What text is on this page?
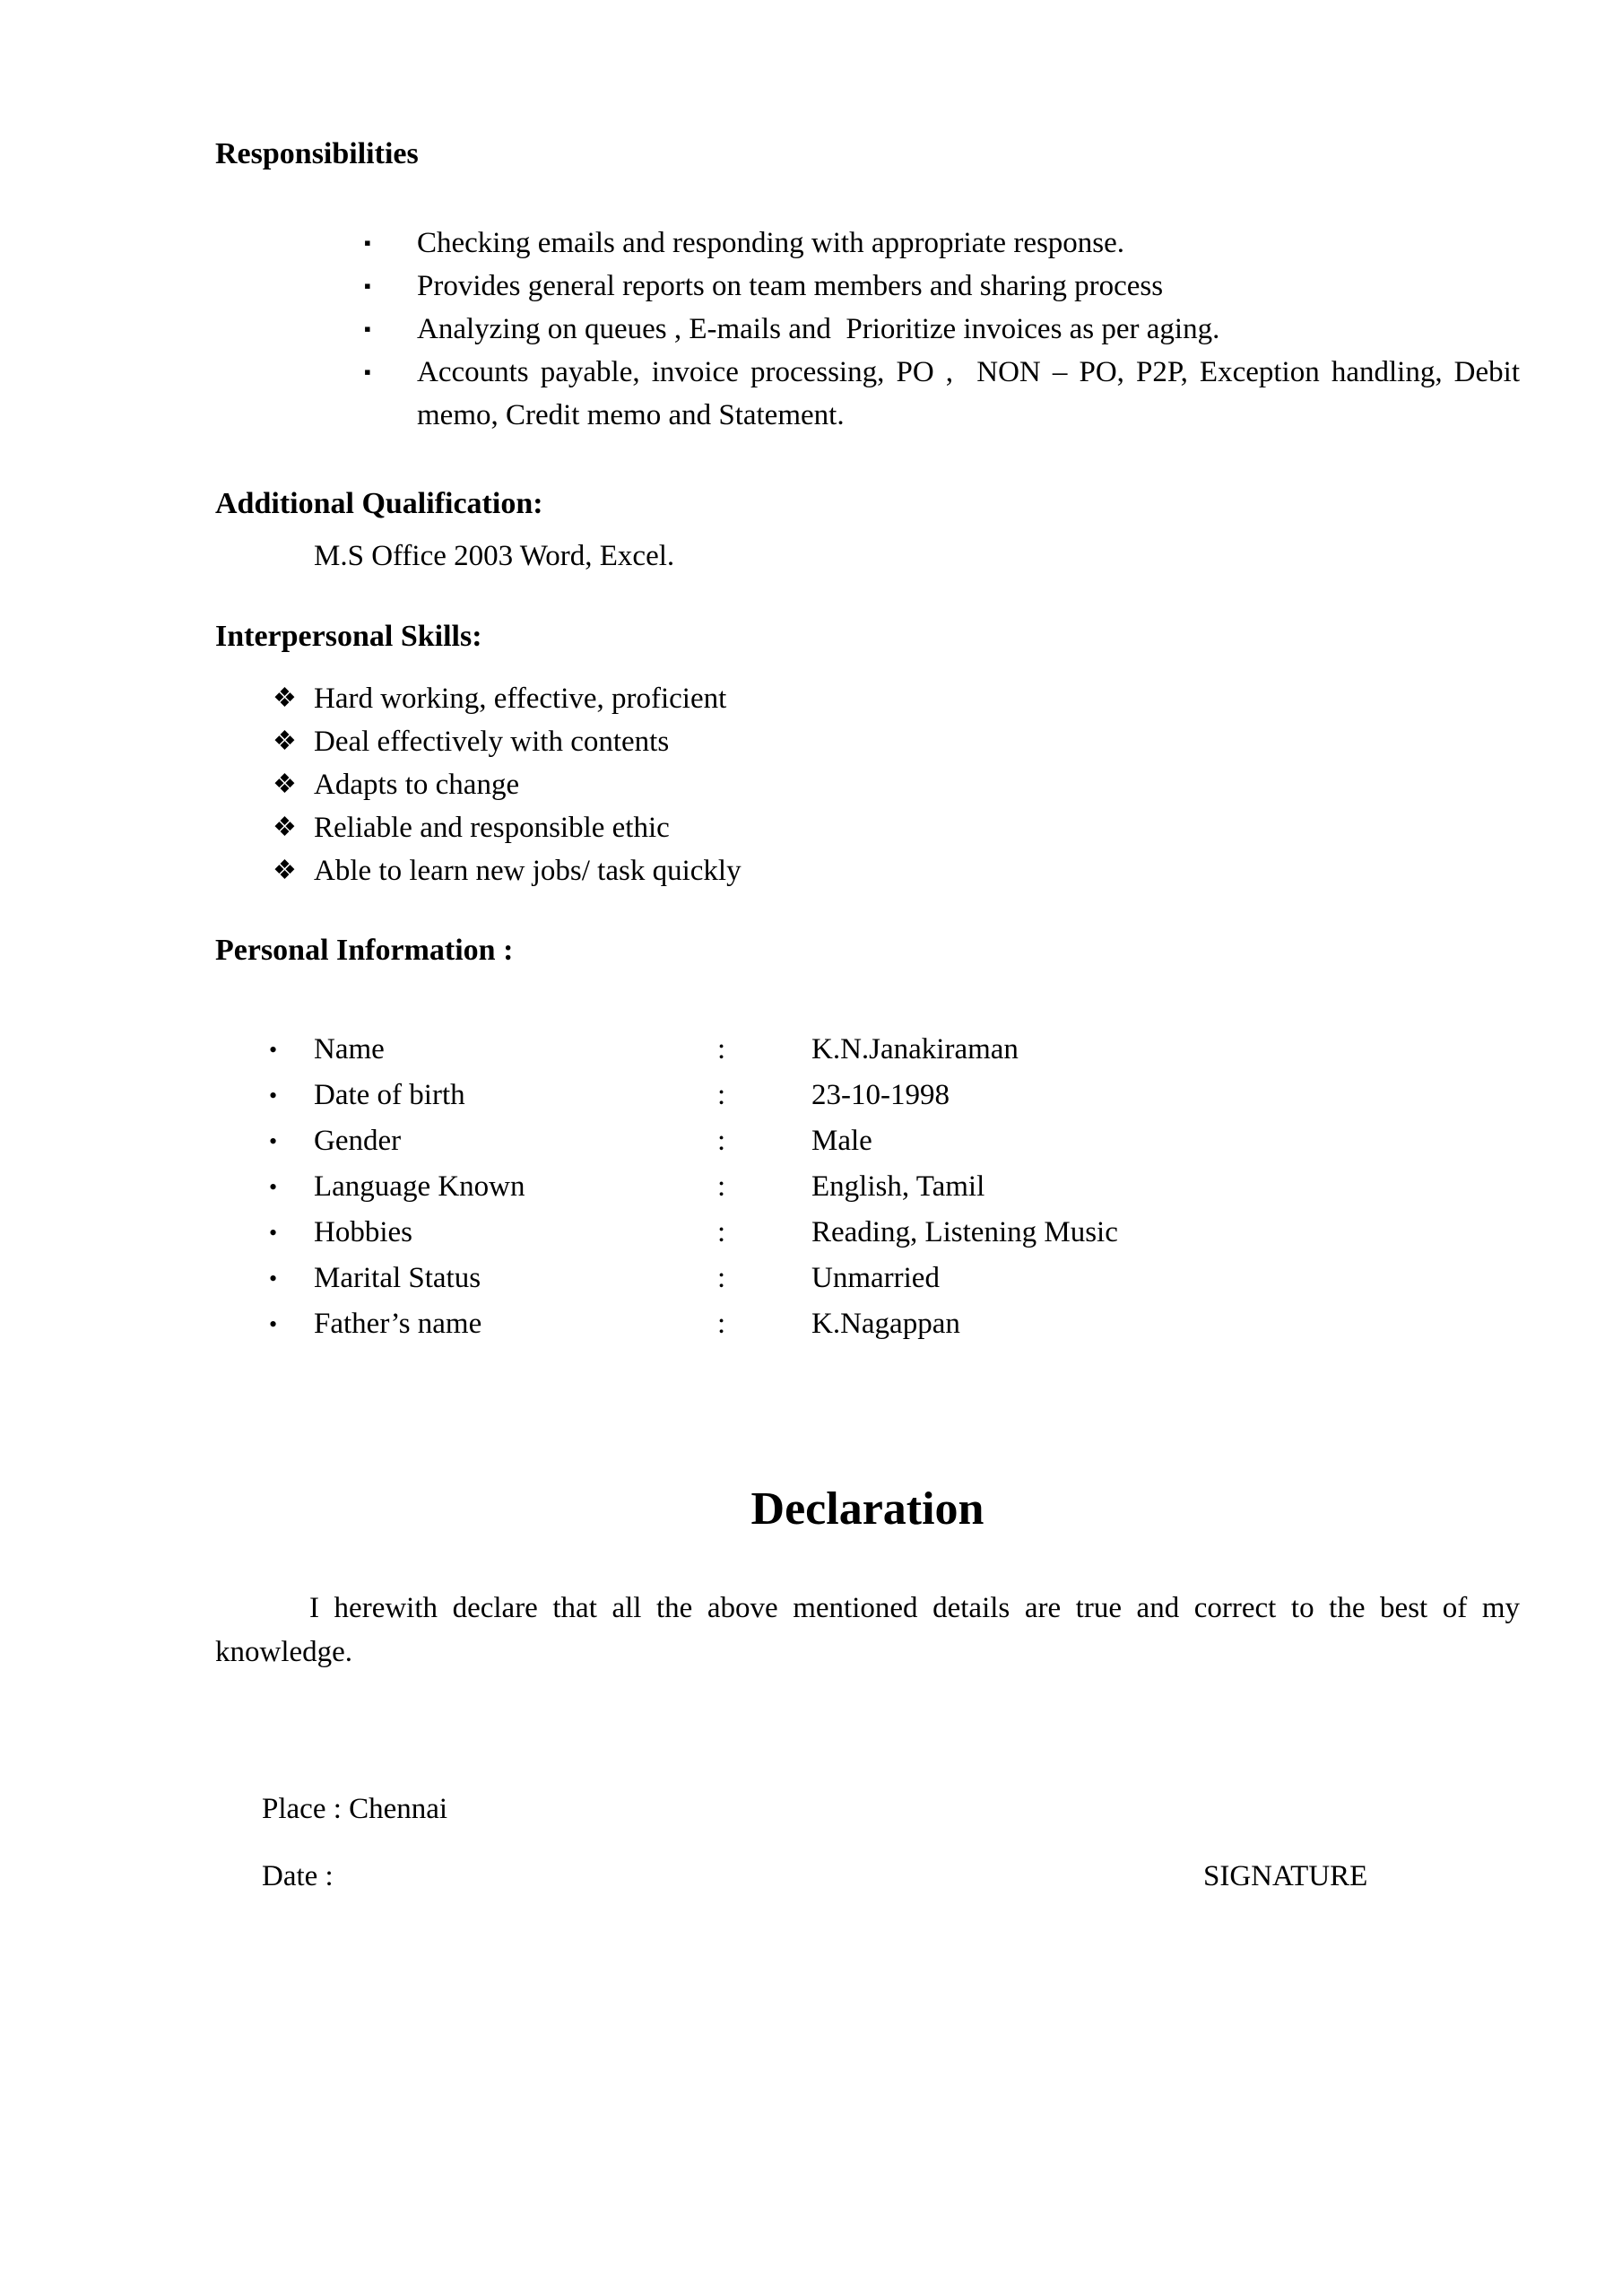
Responsibilities
▪	Checking emails and responding with appropriate response.
▪	Provides general reports on team members and sharing process
▪	Analyzing on queues , E-mails and  Prioritize invoices as per aging.
▪	Accounts payable, invoice processing, PO ,  NON – PO, P2P, Exception handling, Debit  memo, Credit memo and Statement.
Additional Qualification:
M.S Office 2003 Word, Excel.
Interpersonal Skills:
❖ Hard working, effective, proficient
❖ Deal effectively with contents
❖ Adapts to change
❖ Reliable and responsible ethic
❖ Able to learn new jobs/ task quickly
Personal Information :
•	Name	:	K.N.Janakiraman
•	Date of birth	:	23-10-1998
•	Gender	:	Male
•	Language Known	:	English, Tamil
•	Hobbies	:	Reading, Listening Music
•	Marital Status	:	Unmarried
•	Father’s name	:	K.Nagappan
Declaration
I herewith declare that all the above mentioned details are true and correct to the best of my knowledge.
Place : Chennai
Date :	SIGNATURE
